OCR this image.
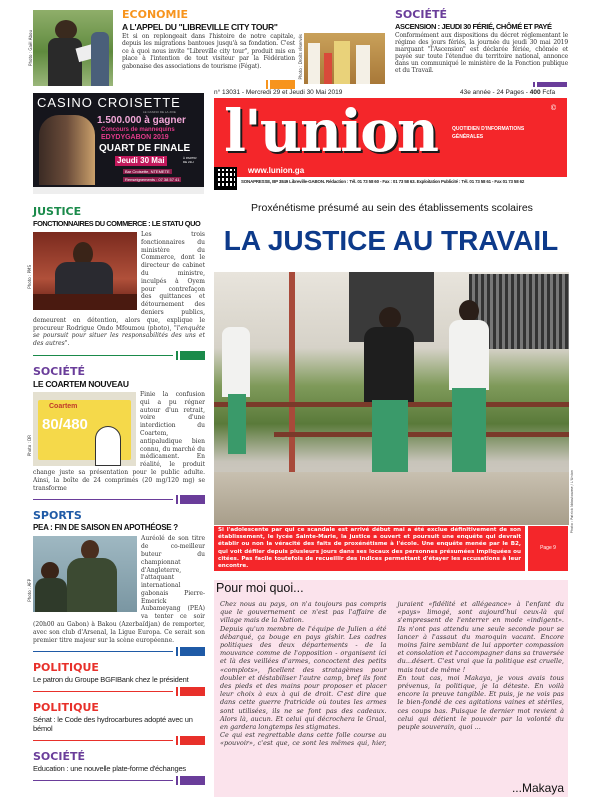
Photo : Gaël Abou
ECONOMIE
A L'APPEL DU "LIBREVILLE CITY TOUR"
Et si on replongeait dans l'histoire de notre capitale, depuis les migrations bantoues jusqu'à sa fondation. C'est ce à quoi nous invite "Libreville city tour", produit mis en place à l'intention de tout visiteur par la Fédération gabonaise des associations de tourisme (Fégat).
Page 5
Photo : Droits réservés
SOCIÉTÉ
ASCENSION : JEUDI 30 FÉRIÉ, CHÔMÉ ET PAYÉ
Conformément aux dispositions du décret réglementant le régime des jours fériés, la journée du jeudi 30 mai 2019 marquant "l'Ascension" est déclarée fériée, chômée et payée sur toute l'étendue du territoire national, annonce dans un communiqué le ministère de la Fonction publique et du Travail.
CASINO CROISETTE
LE CASINO DE LA JOIE
1.500.000 à gagner
Concours de mannequins
EDYDYGABON 2019
QUART DE FINALE
Jeudi 30 Mai	À PARTIR DE 21H
Bar Croisette, NTEMETE
Renseignements : 07 38 57 41
n° 13031 - Mercredi 29 et Jeudi 30 Mai 2019	43e année - 24 Pages - 400 Fcfa
l'union	QUOTIDIEN D'INFORMATIONS
GÉNÉRALES
©
www.lunion.ga
SONAPRESSE, BP 3849 Libreville-GABON. Rédaction : Tél. 01 73 58 60 - Fax : 01 73 58 63. Exploitation Publicité : Tél. 01 73 58 61 - Fax 01 73 58 62
JUSTICE
FONCTIONNAIRES DU COMMERCE : LE STATU QUO
Photo : PMS
Les trois fonctionnaires du ministère du Commerce, dont le directeur de cabinet du ministre, inculpés à Oyem pour contrefaçon des quittances et détournement des deniers publics, demeurent en détention, alors que, explique le procureur Rodrigue Ondo Mfoumou (photo), "l'enquête se poursuit pour situer les responsabilités des uns et des autres".
Page 9
SOCIÉTÉ
LE COARTEM NOUVEAU
Photo : DR
Coartem
80/480
Finie la confusion qui a pu régner autour d'un retrait, voire d'une interdiction du Coartem, antipaludique bien connu, du marché du médicament. En réalité, le produit change juste sa présentation pour le public adulte. Ainsi, la boîte de 24 comprimés (20 mg/120 mg) se transforme
Page 6
SPORTS
PEA : FIN DE SAISON EN APOTHÉOSE ?
Photo : AFP
Auréolé de son titre de co-meilleur buteur du championnat d'Angleterre, l'attaquant international gabonais Pierre-Emerick Aubameyang (PEA) va tenter ce soir (20h00 au Gabon) à Bakou (Azerbaïdjan) de remporter, avec son club d'Arsenal, la Ligue Europa. Ce serait son premier titre majeur sur la scène européenne.
Page 12
POLITIQUE
Le patron du Groupe BGFIBank chez le président
Page 2
POLITIQUE
Sénat : le Code des hydrocarbures adopté avec un bémol
Page 3
SOCIÉTÉ
Education : une nouvelle plate-forme d'échanges
Page 6
Proxénétisme présumé au sein des établissements scolaires
LA JUSTICE AU TRAVAIL
Photo : Patrick Ndoutoume / L'Union
Si l'adolescente par qui ce scandale est arrivé début mai a été exclue définitivement de son établissement, le lycée Sainte-Marie, la justice a ouvert et poursuit une enquête qui devrait établir ou non la véracité des faits de proxénétisme à l'école. Une enquête menée par le B2, qui voit défiler depuis plusieurs jours dans ses locaux des personnes présumées impliquées ou citées. Pas facile toutefois de recueillir des indices permettant d'étayer les accusations à leur encontre.
Page 9
Pour moi quoi...

Chez nous au pays, on n'a toujours pas compris que le gouvernement ce n'est pas l'affaire de village mais de la Nation.

Depuis qu'un membre de l'équipe de Julien a été débarqué, ça bouge en pays gishir. Les cadres politiques des deux départements - de la mouvance comme de l'opposition - organisent ici et là des veillées d'armes, concoctent des petits «complots», ficellent des stratagèmes pour doubler et déstabiliser l'autre camp, bref ils font des pieds et des mains pour proposer et placer leur choix à eux à qui de droit. C'est dire que dans cette guerre fratricide où toutes les armes sont utilisées, ils ne se font pas des cadeaux. Alors là, aucun. Et celui qui décrochera le Graal, en gardera longtemps les stigmates.

Ce qui est regrettable dans cette folle course au «pouvoir», c'est que, ce sont les mêmes qui, hier, juraient «fidélité et allégeance» à l'enfant du «pays» limogé, sont aujourd'hui ceux-là qui s'empressent de l'enterrer en mode «indigent». Ils n'ont pas attendu une seule seconde pour se lancer à l'assaut du maroquin vacant. Encore moins faire semblant de lui apporter compassion et consolation et l'accompagner dans sa traversée du...désert. C'est vrai que la politique est cruelle, mais tout de même !

En tout cas, moi Makaya, je vous avais tous prévenus, la politique, je la déteste. En voilà encore la preuve tangible. Et puis, je ne vois pas le bien-fondé de ces agitations vaines et stériles, ces coups bas. Puisque le dernier mot revient à celui qui détient le pouvoir par la volonté du peuple souverain, quoi ...

...Makaya
